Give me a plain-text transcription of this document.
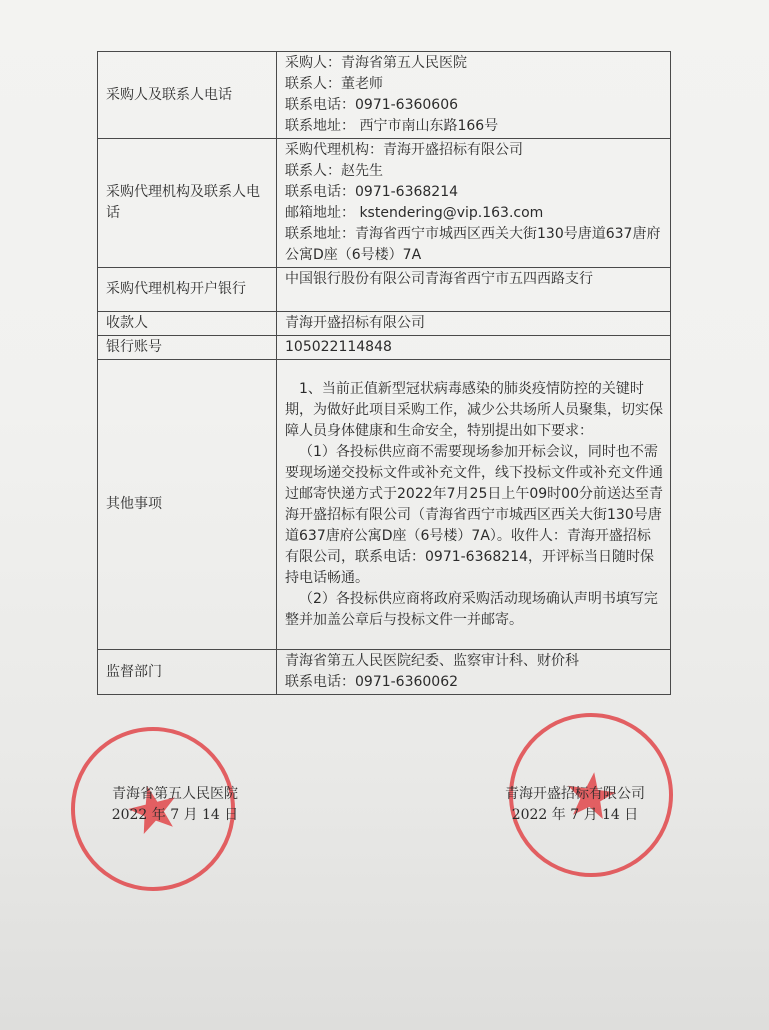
采购人及联系人电话	采购人：青海省第五人民医院
联系人：董老师
联系电话：0971-6360606
联系地址： 西宁市南山东路166号

采购代理机构及联系人电话	采购代理机构：青海开盛招标有限公司
联系人：赵先生
联系电话：0971-6368214
邮箱地址： kstendering@vip.163.com
联系地址：青海省西宁市城西区西关大街130号唐道637唐府公寓D座（6号楼）7A

采购代理机构开户银行	中国银行股份有限公司青海省西宁市五四西路支行
收款人	青海开盛招标有限公司
银行账号	105022114848
其他事项	1、当前正值新型冠状病毒感染的肺炎疫情防控的关键时期，为做好此项目采购工作，减少公共场所人员聚集，切实保障人员身体健康和生命安全，特别提出如下要求：
（1）各投标供应商不需要现场参加开标会议，同时也不需要现场递交投标文件或补充文件，线下投标文件或补充文件通过邮寄快递方式于2022年7月25日上午09时00分前送达至青海开盛招标有限公司（青海省西宁市城西区西关大街130号唐道637唐府公寓D座（6号楼）7A）。收件人：青海开盛招标有限公司，联系电话：0971-6368214，开评标当日随时保持电话畅通。
（2）各投标供应商将政府采购活动现场确认声明书填写完整并加盖公章后与投标文件一并邮寄。

监督部门	青海省第五人民医院纪委、监察审计科、财价科
联系电话：0971-6360062
青海省第五人民医院
2022 年 7 月 14 日
青海开盛招标有限公司
2022 年 7 月 14 日
